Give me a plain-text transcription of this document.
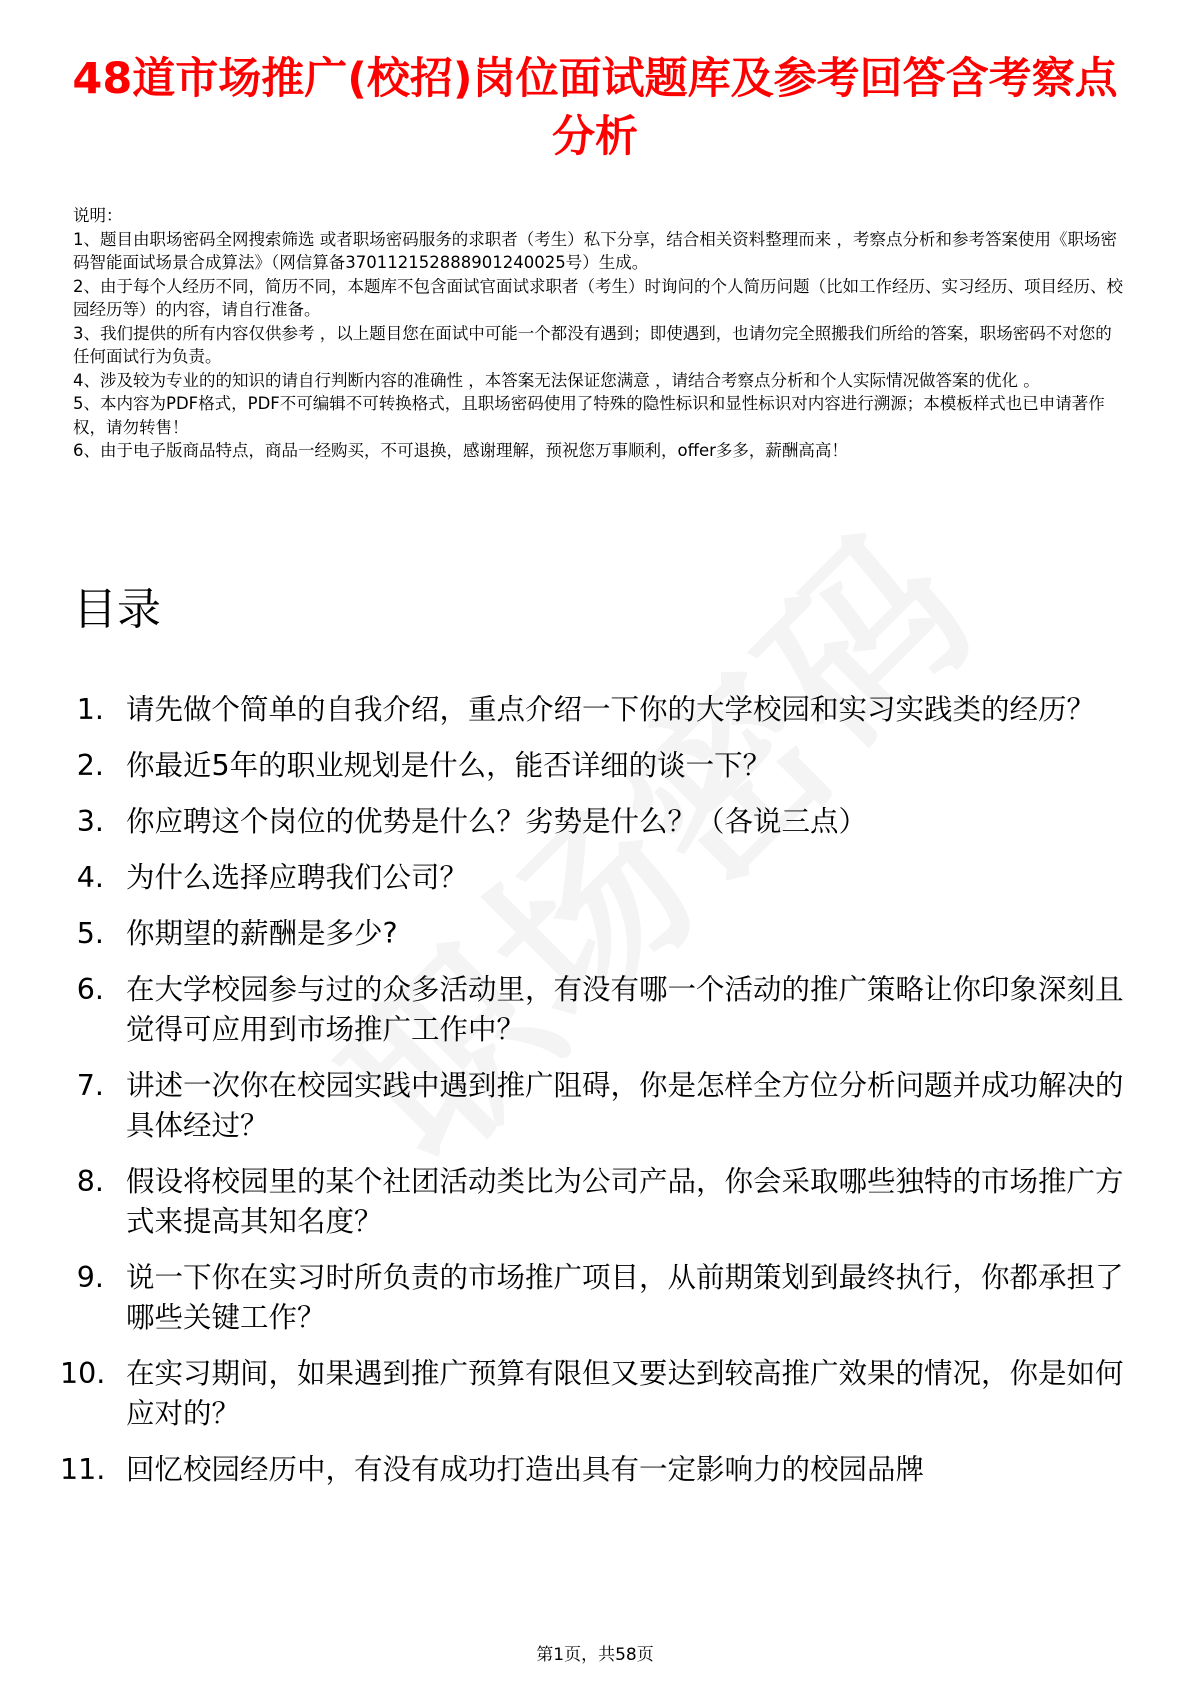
48道市场推广(校招)岗位面试题库及参考回答含考察点分析
说明：
1、题目由职场密码全网搜索筛选 或者职场密码服务的求职者（考生）私下分享，结合相关资料整理而来 ，考察点分析和参考答案使用《职场密码智能面试场景合成算法》（网信算备370112152888901240025号）生成。
2、由于每个人经历不同，简历不同，本题库不包含面试官面试求职者（考生）时询问的个人简历问题（比如工作经历、实习经历、项目经历、校园经历等）的内容，请自行准备。
3、我们提供的所有内容仅供参考 ，以上题目您在面试中可能一个都没有遇到；即使遇到，也请勿完全照搬我们所给的答案，职场密码不对您的任何面试行为负责。
4、涉及较为专业的的知识的请自行判断内容的准确性 ，本答案无法保证您满意 ，请结合考察点分析和个人实际情况做答案的优化 。
5、本内容为PDF格式，PDF不可编辑不可转换格式，且职场密码使用了特殊的隐性标识和显性标识对内容进行溯源；本模板样式也已申请著作权，请勿转售！
6、由于电子版商品特点，商品一经购买，不可退换，感谢理解，预祝您万事顺利，offer多多，薪酬高高！
目录
1. 请先做个简单的自我介绍，重点介绍一下你的大学校园和实习实践类的经历？
2. 你最近5年的职业规划是什么，能否详细的谈一下？
3. 你应聘这个岗位的优势是什么？劣势是什么？（各说三点）
4. 为什么选择应聘我们公司？
5. 你期望的薪酬是多少?
6. 在大学校园参与过的众多活动里，有没有哪一个活动的推广策略让你印象深刻且觉得可应用到市场推广工作中？
7. 讲述一次你在校园实践中遇到推广阻碍，你是怎样全方位分析问题并成功解决的具体经过？
8. 假设将校园里的某个社团活动类比为公司产品，你会采取哪些独特的市场推广方式来提高其知名度？
9. 说一下你在实习时所负责的市场推广项目，从前期策划到最终执行，你都承担了哪些关键工作？
10. 在实习期间，如果遇到推广预算有限但又要达到较高推广效果的情况，你是如何应对的？
11. 回忆校园经历中，有没有成功打造出具有一定影响力的校园品牌
第1页，共58页
